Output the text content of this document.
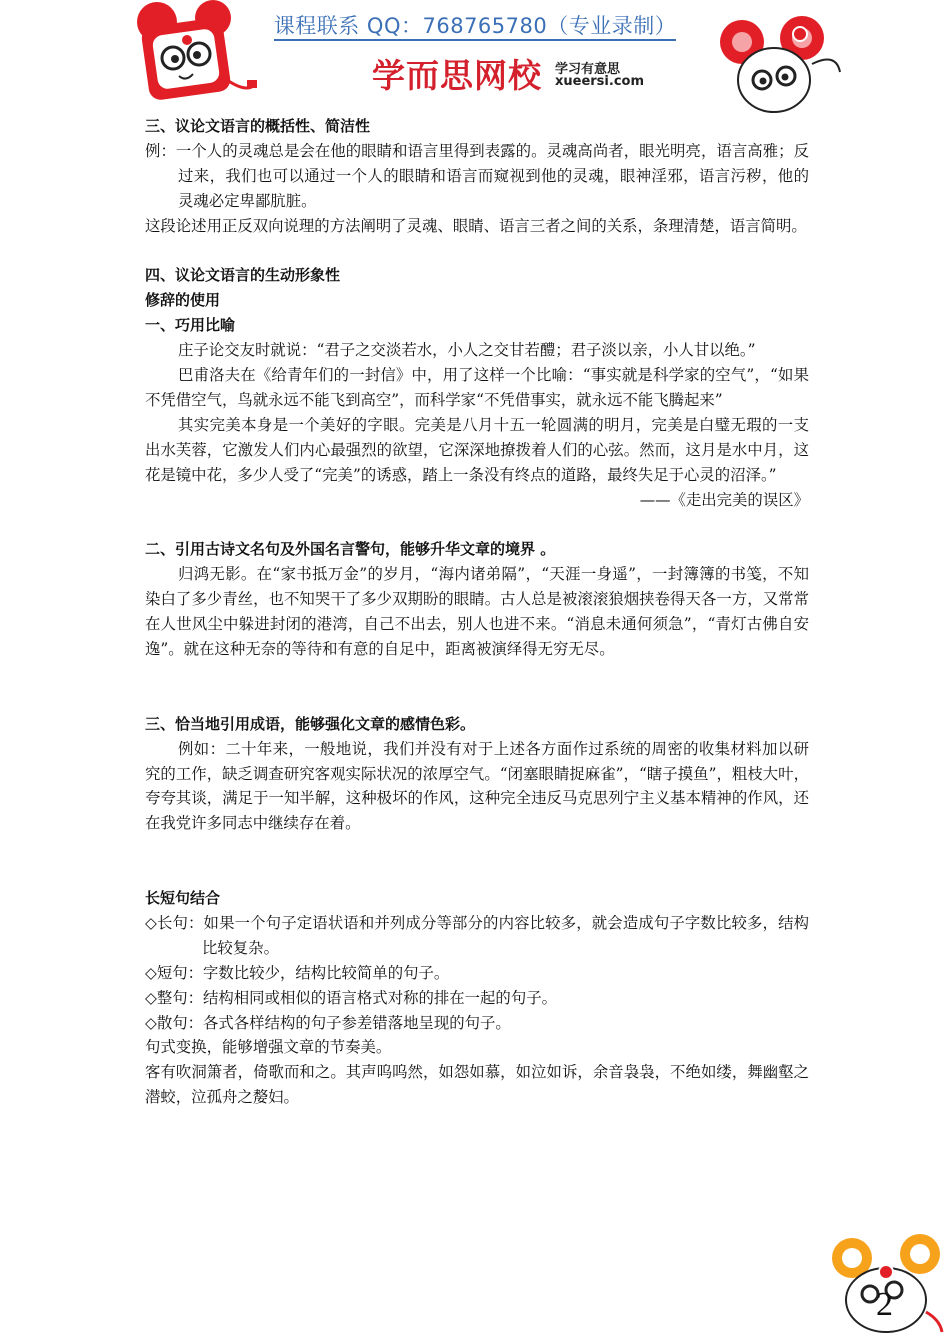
课程联系 QQ：768765780（专业录制）
学而思网校 学习有意思
xueersi.com

三、议论文语言的概括性、简洁性

例：一个人的灵魂总是会在他的眼睛和语言里得到表露的。灵魂高尚者，眼光明亮，语言高雅；反过来，我们也可以通过一个人的眼睛和语言而窥视到他的灵魂，眼神淫邪，语言污秽，他的灵魂必定卑鄙肮脏。

这段论述用正反双向说理的方法阐明了灵魂、眼睛、语言三者之间的关系，条理清楚，语言简明。

四、议论文语言的生动形象性

修辞的使用

一、巧用比喻

庄子论交友时就说：“君子之交淡若水，小人之交甘若醴；君子淡以亲，小人甘以绝。”

巴甫洛夫在《给青年们的一封信》中，用了这样一个比喻：“事实就是科学家的空气”，“如果不凭借空气，鸟就永远不能飞到高空”，而科学家“不凭借事实，就永远不能飞腾起来”

其实完美本身是一个美好的字眼。完美是八月十五一轮圆满的明月，完美是白璧无瑕的一支出水芙蓉，它激发人们内心最强烈的欲望，它深深地撩拨着人们的心弦。然而，这月是水中月，这花是镜中花，多少人受了“完美”的诱惑，踏上一条没有终点的道路，最终失足于心灵的沼泽。”

——《走出完美的误区》

二、引用古诗文名句及外国名言警句，能够升华文章的境界 。

归鸿无影。在“家书抵万金”的岁月，“海内诸弟隔”，“天涯一身遥”，一封簿簿的书笺，不知染白了多少青丝，也不知哭干了多少双期盼的眼睛。古人总是被滚滚狼烟挟卷得天各一方，又常常在人世风尘中躲进封闭的港湾，自己不出去，别人也进不来。“消息未通何须急”，“青灯古佛自安逸”。就在这种无奈的等待和有意的自足中，距离被演绎得无穷无尽。

三、恰当地引用成语，能够强化文章的感情色彩。

例如：二十年来，一般地说，我们并没有对于上述各方面作过系统的周密的收集材料加以研究的工作，缺乏调查研究客观实际状况的浓厚空气。“闭塞眼睛捉麻雀”，“瞎子摸鱼”，粗枝大叶，夸夸其谈，满足于一知半解，这种极坏的作风，这种完全违反马克思列宁主义基本精神的作风，还在我党许多同志中继续存在着。

长短句结合

◇长句：如果一个句子定语状语和并列成分等部分的内容比较多，就会造成句子字数比较多，结构比较复杂。

◇短句：字数比较少，结构比较简单的句子。

◇整句：结构相同或相似的语言格式对称的排在一起的句子。

◇散句：各式各样结构的句子参差错落地呈现的句子。

句式变换，能够增强文章的节奏美。

客有吹洞箫者，倚歌而和之。其声呜呜然，如怨如慕，如泣如诉，余音袅袅，不绝如缕，舞幽壑之潜蛟，泣孤舟之嫠妇。

2
